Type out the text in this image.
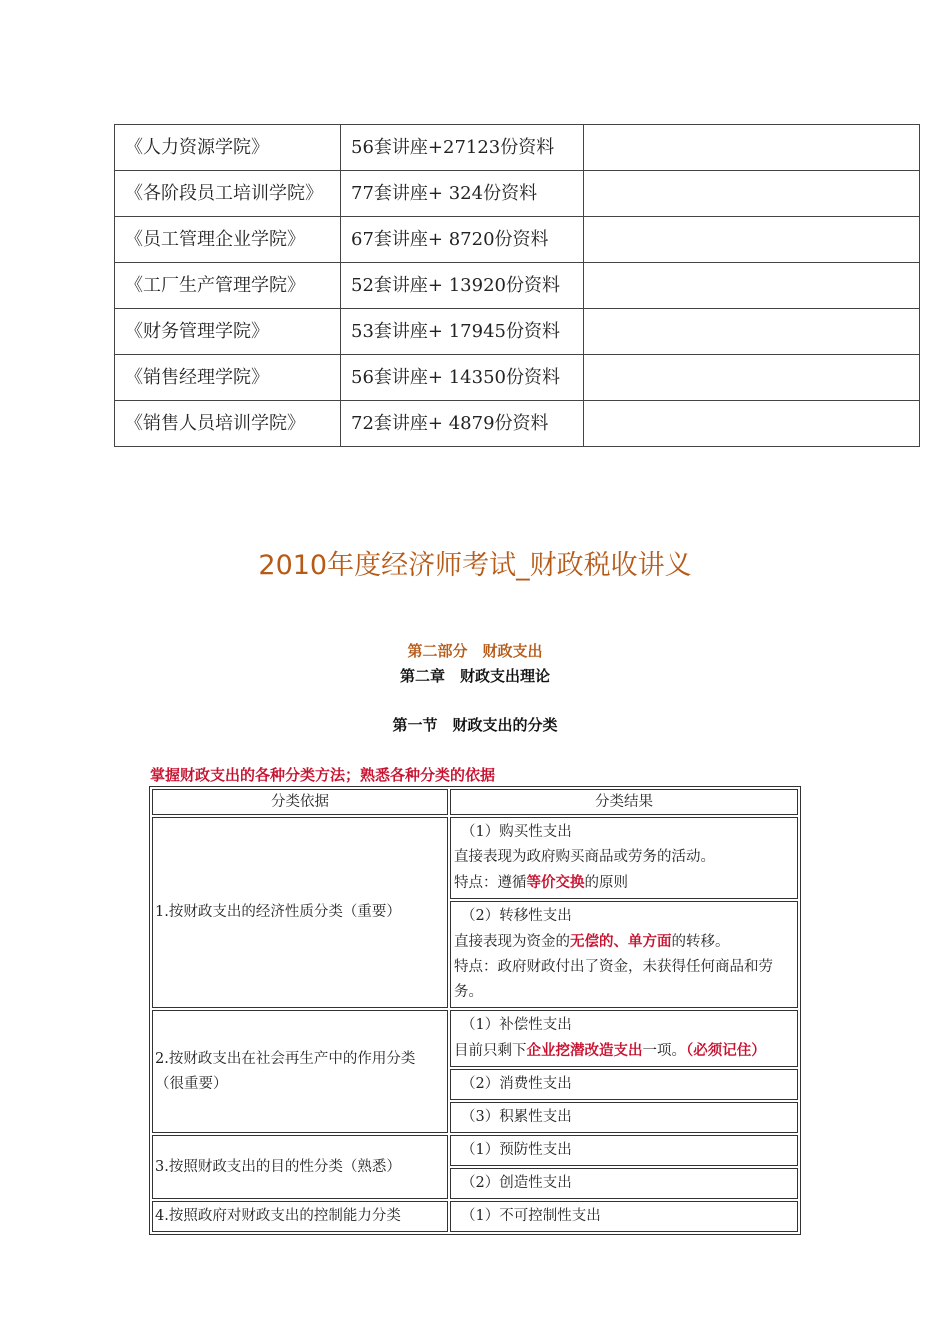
《人力资源学院》	56套讲座+27123份资料	
《各阶段员工培训学院》	77套讲座+ 324份资料	
《员工管理企业学院》	67套讲座+ 8720份资料	
《工厂生产管理学院》	52套讲座+ 13920份资料	
《财务管理学院》	53套讲座+ 17945份资料	
《销售经理学院》	56套讲座+ 14350份资料	
《销售人员培训学院》	72套讲座+ 4879份资料	
2010年度经济师考试_财政税收讲义
第二部分　财政支出
第二章　财政支出理论
第一节　财政支出的分类
掌握财政支出的各种分类方法；熟悉各种分类的依据
分类依据	分类结果
1.按财政支出的经济性质分类（重要）	（1）购买性支出
直接表现为政府购买商品或劳务的活动。
特点：遵循等价交换的原则

	（2）转移性支出
直接表现为资金的无偿的、单方面的转移。
特点：政府财政付出了资金，未获得任何商品和劳务。
2.按财政支出在社会再生产中的作用分类（很重要）	（1）补偿性支出
目前只剩下企业挖潜改造支出一项。（必须记住）

	（2）消费性支出

	（3）积累性支出

3.按照财政支出的目的性分类（熟悉）	（1）预防性支出

	（2）创造性支出

4.按照政府对财政支出的控制能力分类	（1）不可控制性支出
